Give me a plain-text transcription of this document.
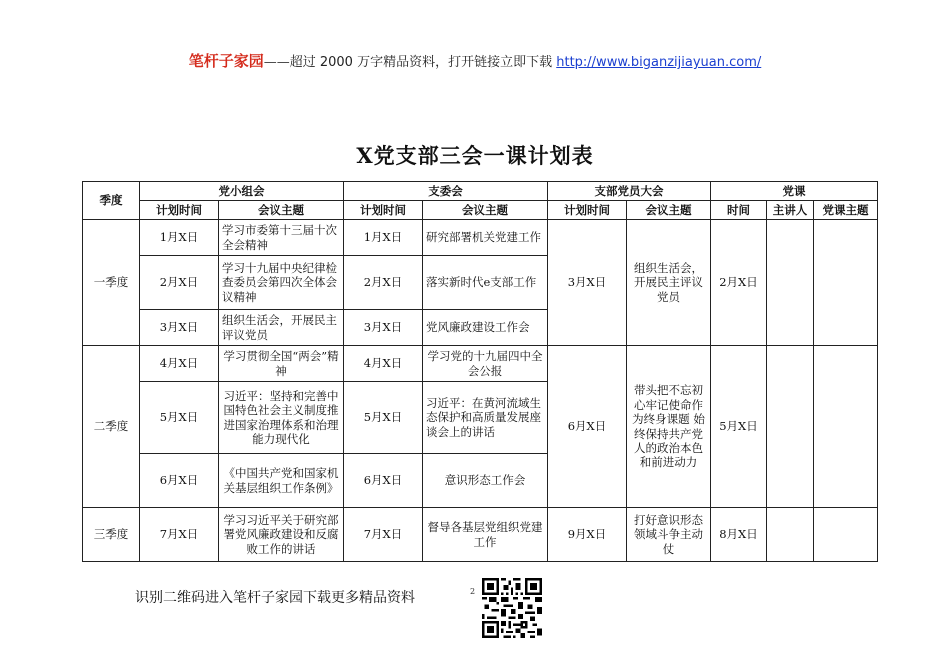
笔杆子家园——超过 2000 万字精品资料，打开链接立即下载 http://www.biganzijiayuan.com/
X党支部三会一课计划表
季度	党小组会		支委会		支部党员大会		党课		
	计划时间	会议主题	计划时间	会议主题	计划时间	会议主题	时间	主讲人	党课主题
一季度	1月X日	学习市委第十三届十次全会精神	1月X日	研究部署机关党建工作	3月X日	组织生活会，开展民主评议党员	2月X日		
	2月X日	学习十九届中央纪律检查委员会第四次全体会议精神	2月X日	落实新时代e支部工作					
	3月X日	组织生活会，开展民主评议党员	3月X日	党风廉政建设工作会					
二季度	4月X日	学习贯彻全国“两会”精神	4月X日	学习党的十九届四中全会公报	6月X日	带头把不忘初心牢记使命作为终身课题 始终保持共产党人的政治本色和前进动力	5月X日		
	5月X日	习近平：坚持和完善中国特色社会主义制度推进国家治理体系和治理能力现代化	5月X日	习近平：在黄河流域生态保护和高质量发展座谈会上的讲话					
	6月X日	《中国共产党和国家机关基层组织工作条例》	6月X日	意识形态工作会					
三季度	7月X日	学习习近平关于研究部署党风廉政建设和反腐败工作的讲话	7月X日	督导各基层党组织党建工作	9月X日	打好意识形态领域斗争主动仗	8月X日		
识别二维码进入笔杆子家园下载更多精品资料	2
